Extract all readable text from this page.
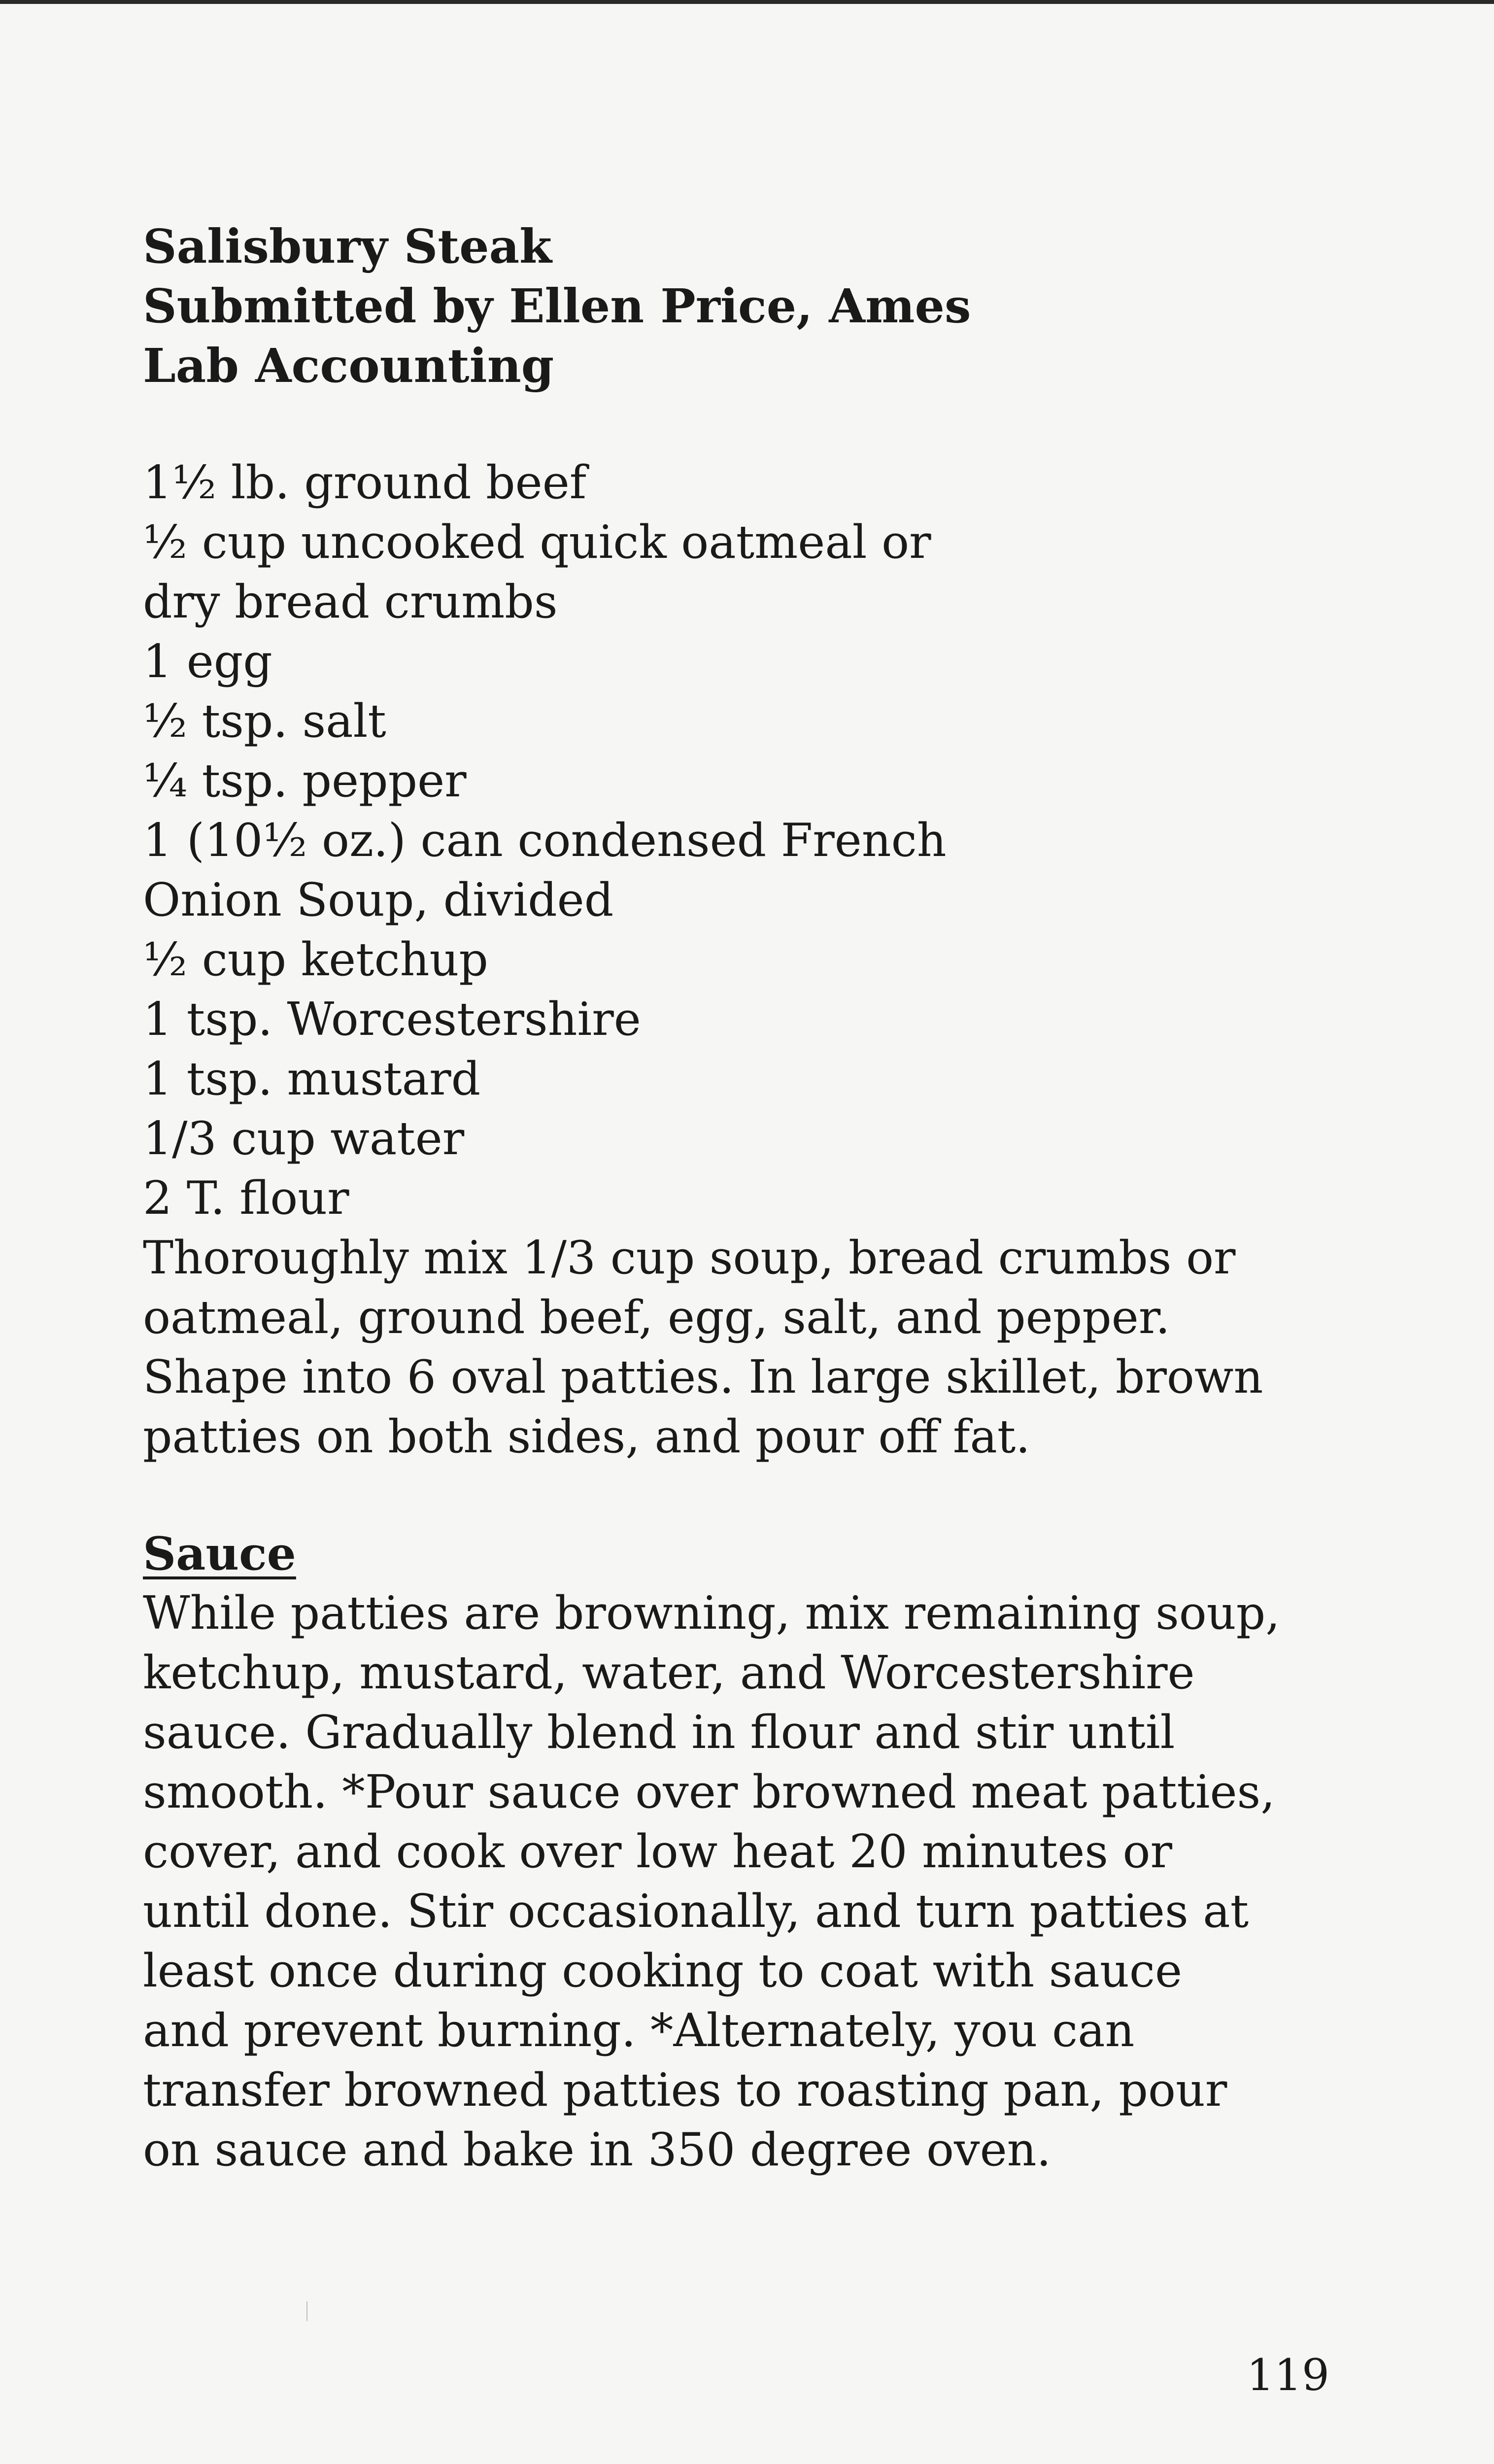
Salisbury Steak
Submitted by Ellen Price, Ames
Lab Accounting
1½ lb. ground beef
½ cup uncooked quick oatmeal or
dry bread crumbs
1 egg
½ tsp. salt
¼ tsp. pepper
1 (10½ oz.) can condensed French
Onion Soup, divided
½ cup ketchup
1 tsp. Worcestershire
1 tsp. mustard
1/3 cup water
2 T. flour

Thoroughly mix 1/3 cup soup, bread crumbs or oatmeal, ground beef, egg, salt, and pepper. Shape into 6 oval patties. In large skillet, brown patties on both sides, and pour off fat.

Sauce

While patties are browning, mix remaining soup, ketchup, mustard, water, and Worcestershire sauce. Gradually blend in flour and stir until smooth. *Pour sauce over browned meat patties, cover, and cook over low heat 20 minutes or until done. Stir occasionally, and turn patties at least once during cooking to coat with sauce and prevent burning. *Alternately, you can transfer browned patties to roasting pan, pour on sauce and bake in 350 degree oven.

119
